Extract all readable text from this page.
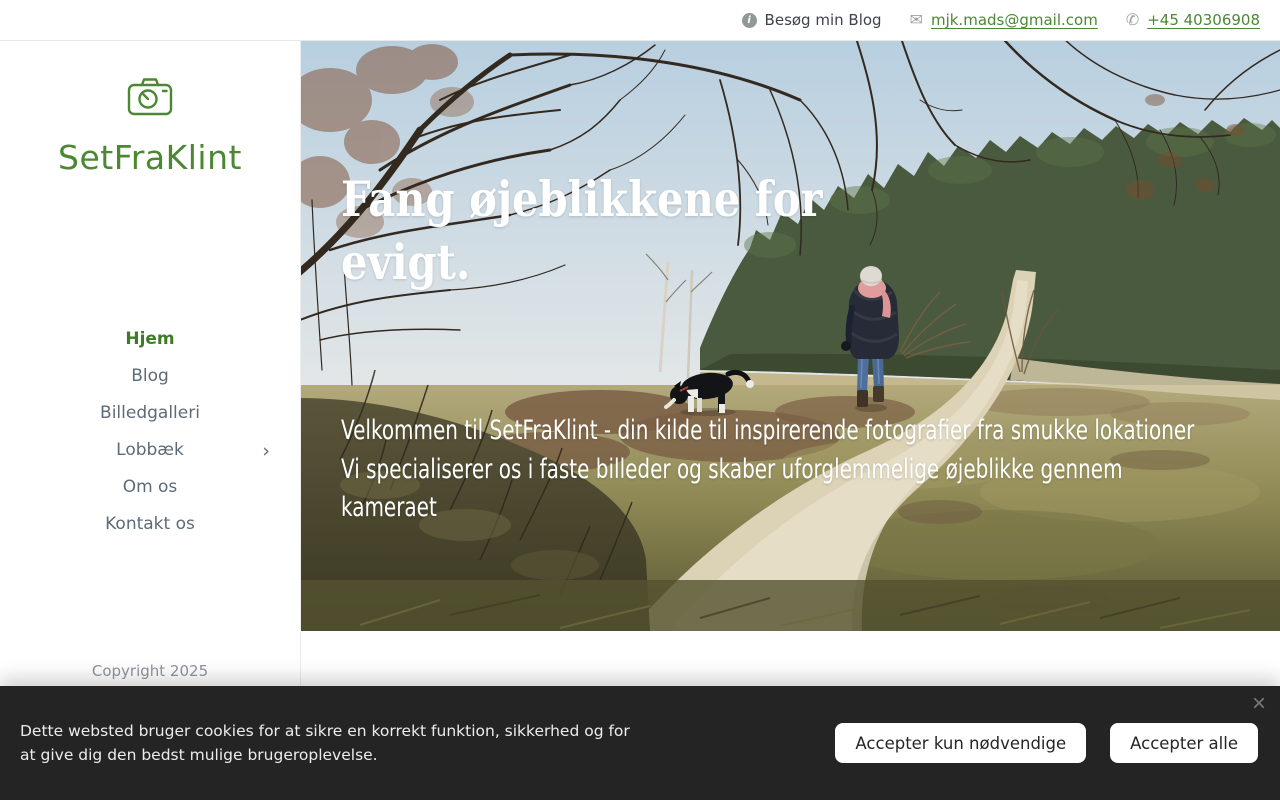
i Besøg min Blog ✉ mjk.mads@gmail.com ✆ +45 40306908
SetFraKlint
Hjem
Blog
Billedgalleri
Lobbæk	›
Om os
Kontakt os
Copyright 2025
Fang øjeblikkene for
evigt.

Velkommen til SetFraKlint - din kilde til inspirerende fotografier fra smukke lokationer

Vi specialiserer os i faste billeder og skaber uforglemmelige øjeblikke gennem kameraet

×

Dette websted bruger cookies for at sikre en korrekt funktion, sikkerhed og for at give dig den bedst mulige brugeroplevelse.

Accepter kun nødvendige	Accepter alle
